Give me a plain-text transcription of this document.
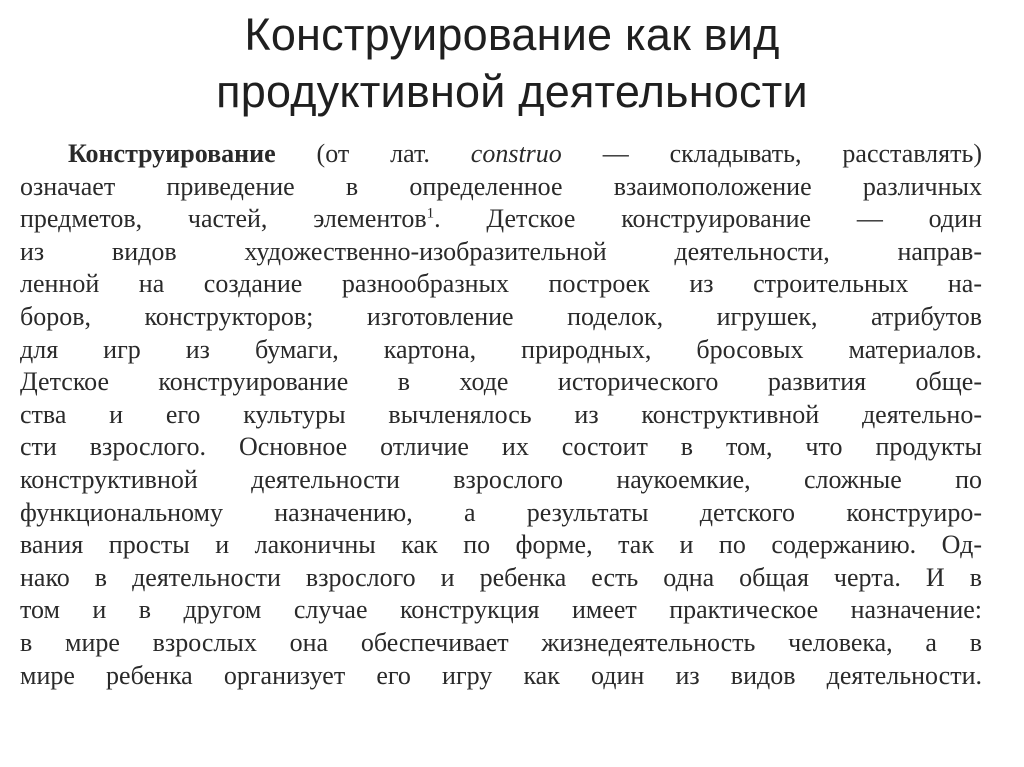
Конструирование как вид
продуктивной деятельности
Конструирование (от лат. construo — складывать, расставлять)
означает приведение в определенное взаимоположение различных
предметов, частей, элементов$^1$. Детское конструирование — один
из видов художественно-изобразительной деятельности, направ-
ленной на создание разнообразных построек из строительных на-
боров, конструкторов; изготовление поделок, игрушек, атрибутов
для игр из бумаги, картона, природных, бросовых материалов.
Детское конструирование в ходе исторического развития обще-
ства и его культуры вычленялось из конструктивной деятельно-
сти взрослого. Основное отличие их состоит в том, что продукты
конструктивной деятельности взрослого наукоемкие, сложные по
функциональному назначению, а результаты детского конструиро-
вания просты и лаконичны как по форме, так и по содержанию. Од-
нако в деятельности взрослого и ребенка есть одна общая черта. И в
том и в другом случае конструкция имеет практическое назначение:
в мире взрослых она обеспечивает жизнедеятельность человека, а в
мире ребенка организует его игру как один из видов деятельности.
